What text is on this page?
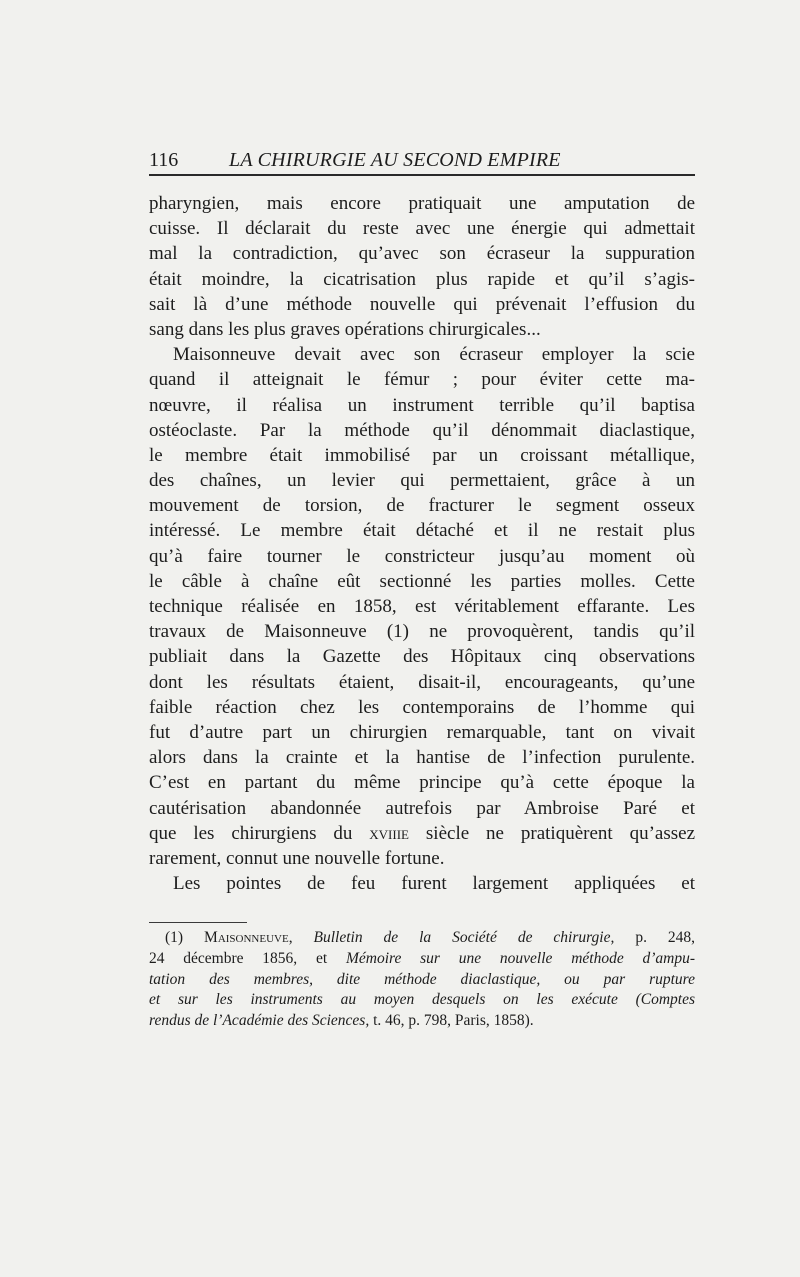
116	LA CHIRURGIE AU SECOND EMPIRE
pharyngien, mais encore pratiquait une amputation de
cuisse. Il déclarait du reste avec une énergie qui admettait
mal la contradiction, qu’avec son écraseur la suppuration
était moindre, la cicatrisation plus rapide et qu’il s’agis-
sait là d’une méthode nouvelle qui prévenait l’effusion du
sang dans les plus graves opérations chirurgicales...
Maisonneuve devait avec son écraseur employer la scie
quand il atteignait le fémur ; pour éviter cette ma-
nœuvre, il réalisa un instrument terrible qu’il baptisa
ostéoclaste. Par la méthode qu’il dénommait diaclastique,
le membre était immobilisé par un croissant métallique,
des chaînes, un levier qui permettaient, grâce à un
mouvement de torsion, de fracturer le segment osseux
intéressé. Le membre était détaché et il ne restait plus
qu’à faire tourner le constricteur jusqu’au moment où
le câble à chaîne eût sectionné les parties molles. Cette
technique réalisée en 1858, est véritablement effarante. Les
travaux de Maisonneuve (1) ne provoquèrent, tandis qu’il
publiait dans la Gazette des Hôpitaux cinq observations
dont les résultats étaient, disait-il, encourageants, qu’une
faible réaction chez les contemporains de l’homme qui
fut d’autre part un chirurgien remarquable, tant on vivait
alors dans la crainte et la hantise de l’infection purulente.
C’est en partant du même principe qu’à cette époque la
cautérisation abandonnée autrefois par Ambroise Paré et
que les chirurgiens du xviiie siècle ne pratiquèrent qu’assez
rarement, connut une nouvelle fortune.
Les pointes de feu furent largement appliquées et
(1) Maisonneuve, Bulletin de la Société de chirurgie, p. 248,
24 décembre 1856, et Mémoire sur une nouvelle méthode d’ampu-
tation des membres, dite méthode diaclastique, ou par rupture
et sur les instruments au moyen desquels on les exécute (Comptes
rendus de l’Académie des Sciences, t. 46, p. 798, Paris, 1858).
